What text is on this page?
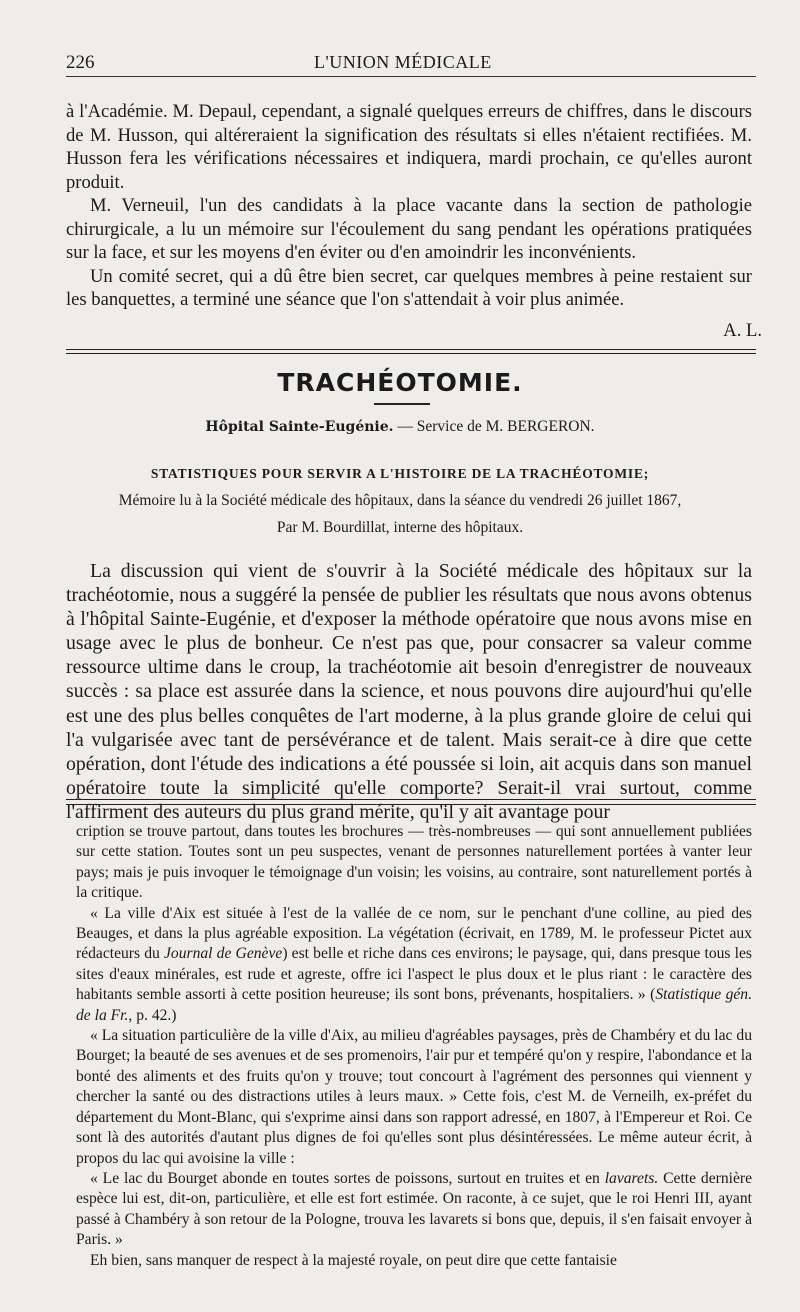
226	L'UNION MÉDICALE

à l'Académie. M. Depaul, cependant, a signalé quelques erreurs de chiffres, dans le discours de M. Husson, qui altéreraient la signification des résultats si elles n'étaient rectifiées. M. Husson fera les vérifications nécessaires et indiquera, mardi prochain, ce qu'elles auront produit.

M. Verneuil, l'un des candidats à la place vacante dans la section de pathologie chirurgicale, a lu un mémoire sur l'écoulement du sang pendant les opérations pratiquées sur la face, et sur les moyens d'en éviter ou d'en amoindrir les inconvénients.

Un comité secret, qui a dû être bien secret, car quelques membres à peine restaient sur les banquettes, a terminé une séance que l'on s'attendait à voir plus animée.

A. L.
TRACHÉOTOMIE.
Hôpital Sainte-Eugénie. — Service de M. BERGERON.
STATISTIQUES POUR SERVIR A L'HISTOIRE DE LA TRACHÉOTOMIE;
Mémoire lu à la Société médicale des hôpitaux, dans la séance du vendredi 26 juillet 1867,
Par M. Bourdillat, interne des hôpitaux.

La discussion qui vient de s'ouvrir à la Société médicale des hôpitaux sur la trachéotomie, nous a suggéré la pensée de publier les résultats que nous avons obtenus à l'hôpital Sainte-Eugénie, et d'exposer la méthode opératoire que nous avons mise en usage avec le plus de bonheur. Ce n'est pas que, pour consacrer sa valeur comme ressource ultime dans le croup, la trachéotomie ait besoin d'enregistrer de nouveaux succès : sa place est assurée dans la science, et nous pouvons dire aujourd'hui qu'elle est une des plus belles conquêtes de l'art moderne, à la plus grande gloire de celui qui l'a vulgarisée avec tant de persévérance et de talent. Mais serait-ce à dire que cette opération, dont l'étude des indications a été poussée si loin, ait acquis dans son manuel opératoire toute la simplicité qu'elle comporte? Serait-il vrai surtout, comme l'affirment des auteurs du plus grand mérite, qu'il y ait avantage pour

cription se trouve partout, dans toutes les brochures — très-nombreuses — qui sont annuellement publiées sur cette station. Toutes sont un peu suspectes, venant de personnes naturellement portées à vanter leur pays; mais je puis invoquer le témoignage d'un voisin; les voisins, au contraire, sont naturellement portés à la critique.

« La ville d'Aix est située à l'est de la vallée de ce nom, sur le penchant d'une colline, au pied des Beauges, et dans la plus agréable exposition. La végétation (écrivait, en 1789, M. le professeur Pictet aux rédacteurs du Journal de Genève) est belle et riche dans ces environs; le paysage, qui, dans presque tous les sites d'eaux minérales, est rude et agreste, offre ici l'aspect le plus doux et le plus riant : le caractère des habitants semble assorti à cette position heureuse; ils sont bons, prévenants, hospitaliers. » (Statistique gén. de la Fr., p. 42.)

« La situation particulière de la ville d'Aix, au milieu d'agréables paysages, près de Chambéry et du lac du Bourget; la beauté de ses avenues et de ses promenoirs, l'air pur et tempéré qu'on y respire, l'abondance et la bonté des aliments et des fruits qu'on y trouve; tout concourt à l'agrément des personnes qui viennent y chercher la santé ou des distractions utiles à leurs maux. » Cette fois, c'est M. de Verneilh, ex-préfet du département du Mont-Blanc, qui s'exprime ainsi dans son rapport adressé, en 1807, à l'Empereur et Roi. Ce sont là des autorités d'autant plus dignes de foi qu'elles sont plus désintéressées. Le même auteur écrit, à propos du lac qui avoisine la ville :

« Le lac du Bourget abonde en toutes sortes de poissons, surtout en truites et en lavarets. Cette dernière espèce lui est, dit-on, particulière, et elle est fort estimée. On raconte, à ce sujet, que le roi Henri III, ayant passé à Chambéry à son retour de la Pologne, trouva les lavarets si bons que, depuis, il s'en faisait envoyer à Paris. »

Eh bien, sans manquer de respect à la majesté royale, on peut dire que cette fantaisie
